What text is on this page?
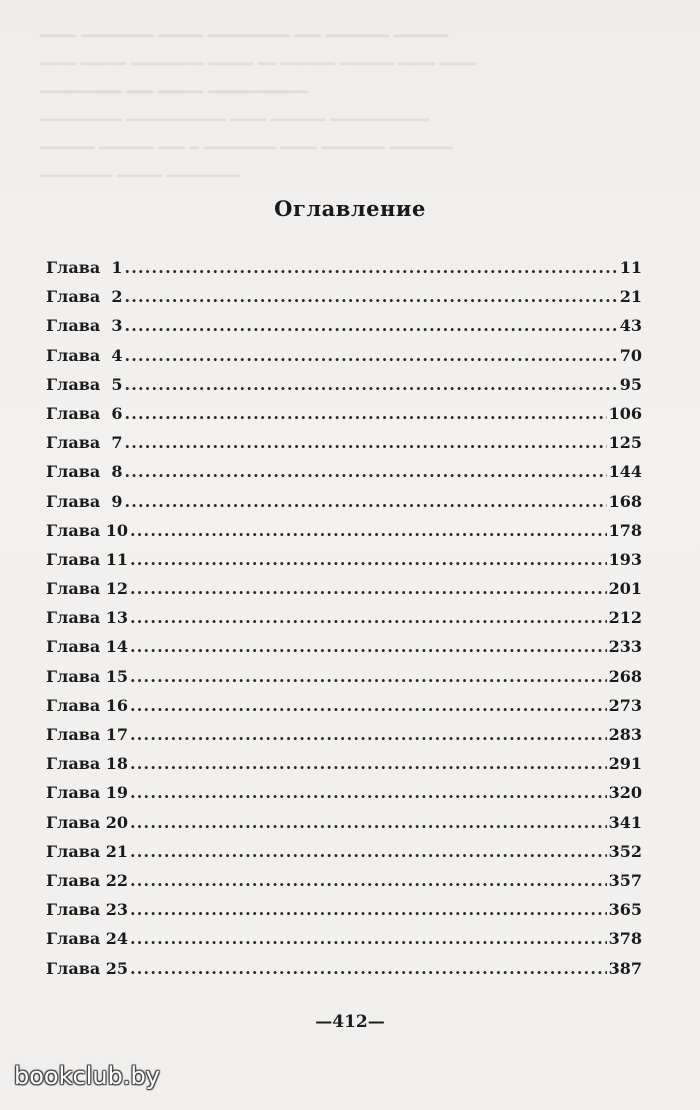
━━━━ ━━━━━━━━ ━━━━━ ━━━━━━━━━ ━━━ ━━━━━━━ ━━━━━━
━━━━ ━━━━━ ━━━━━━━━ ━━━━━ ━━ ━━━━━━ ━━━━━━ ━━━━ ━━━━
━━━━━━━━━ ━━━ ━━━━━ ━━━━━━━━━━━
━━━━━━━━━ ━━━━━━━━━━━ ━━━━ ━━━━━━ ━━━━━━━━━━━
━━━━━━ ━━━━━━ ━━━ ━ ━━━━━━━━ ━━━━ ━━━━━━━ ━━━━━━━
━━━━━━━━ ━━━━━ ━━━━━━━━
Оглавление
Глава  1 .....	11
Глава  2 .....	21
Глава  3 .....	43
Глава  4 .....	70
Глава  5 .....	95
Глава  6 .....	106
Глава  7 .....	125
Глава  8 .....	144
Глава  9 .....	168
Глава 10 .....	178
Глава 11 .....	193
Глава 12 .....	201
Глава 13 .....	212
Глава 14 .....	233
Глава 15 .....	268
Глава 16 .....	273
Глава 17 .....	283
Глава 18 .....	291
Глава 19 .....	320
Глава 20 .....	341
Глава 21 .....	352
Глава 22 .....	357
Глава 23 .....	365
Глава 24 .....	378
Глава 25 .....	387
—412—
bookclub.by
